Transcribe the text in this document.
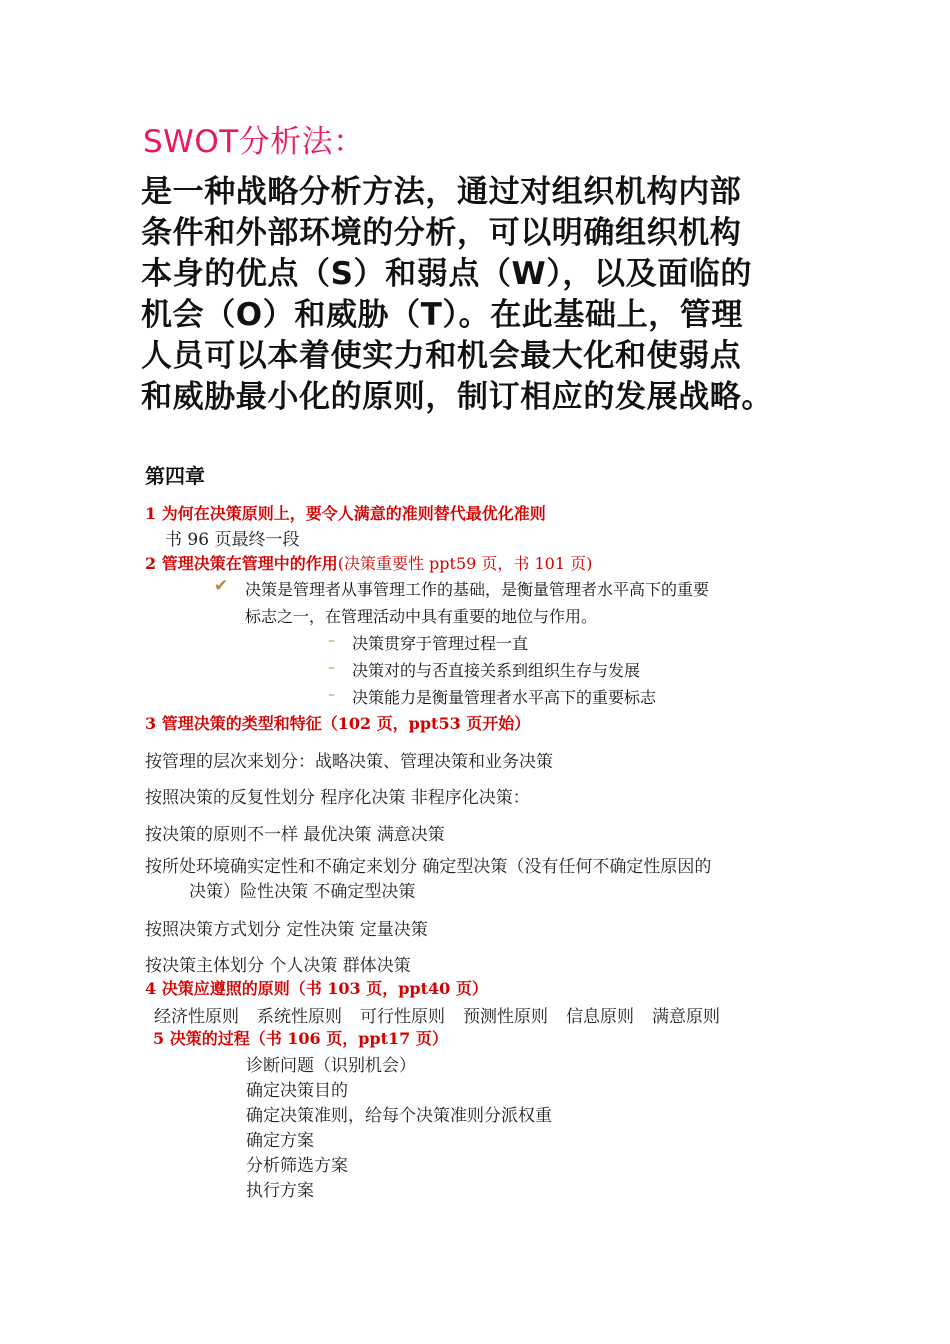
SWOT分析法：
是一种战略分析方法，通过对组织机构内部
条件和外部环境的分析，可以明确组织机构
本身的优点（S）和弱点（W），以及面临的
机会（O）和威胁（T）。在此基础上，管理
人员可以本着使实力和机会最大化和使弱点
和威胁最小化的原则，制订相应的发展战略。
第四章
1 为何在决策原则上，要令人满意的准则替代最优化准则
书 96 页最终一段
2 管理决策在管理中的作用(决策重要性 ppt59 页，书 101 页)
✔ 决策是管理者从事管理工作的基础，是衡量管理者水平高下的重要
标志之一，在管理活动中具有重要的地位与作用。
– 决策贯穿于管理过程一直
– 决策对的与否直接关系到组织生存与发展
– 决策能力是衡量管理者水平高下的重要标志
3 管理决策的类型和特征（102 页，ppt53 页开始）
按管理的层次来划分：战略决策、管理决策和业务决策
按照决策的反复性划分 程序化决策 非程序化决策：
按决策的原则不一样 最优决策 满意决策
按所处环境确实定性和不确定来划分 确定型决策（没有任何不确定性原因的
决策）险性决策 不确定型决策
按照决策方式划分 定性决策 定量决策
按决策主体划分 个人决策 群体决策
4 决策应遵照的原则（书 103 页，ppt40 页）
经济性原则 系统性原则 可行性原则 预测性原则 信息原则 满意原则
5 决策的过程（书 106 页，ppt17 页）
诊断问题（识别机会）
确定决策目的
确定决策准则，给每个决策准则分派权重
确定方案
分析筛选方案
执行方案
